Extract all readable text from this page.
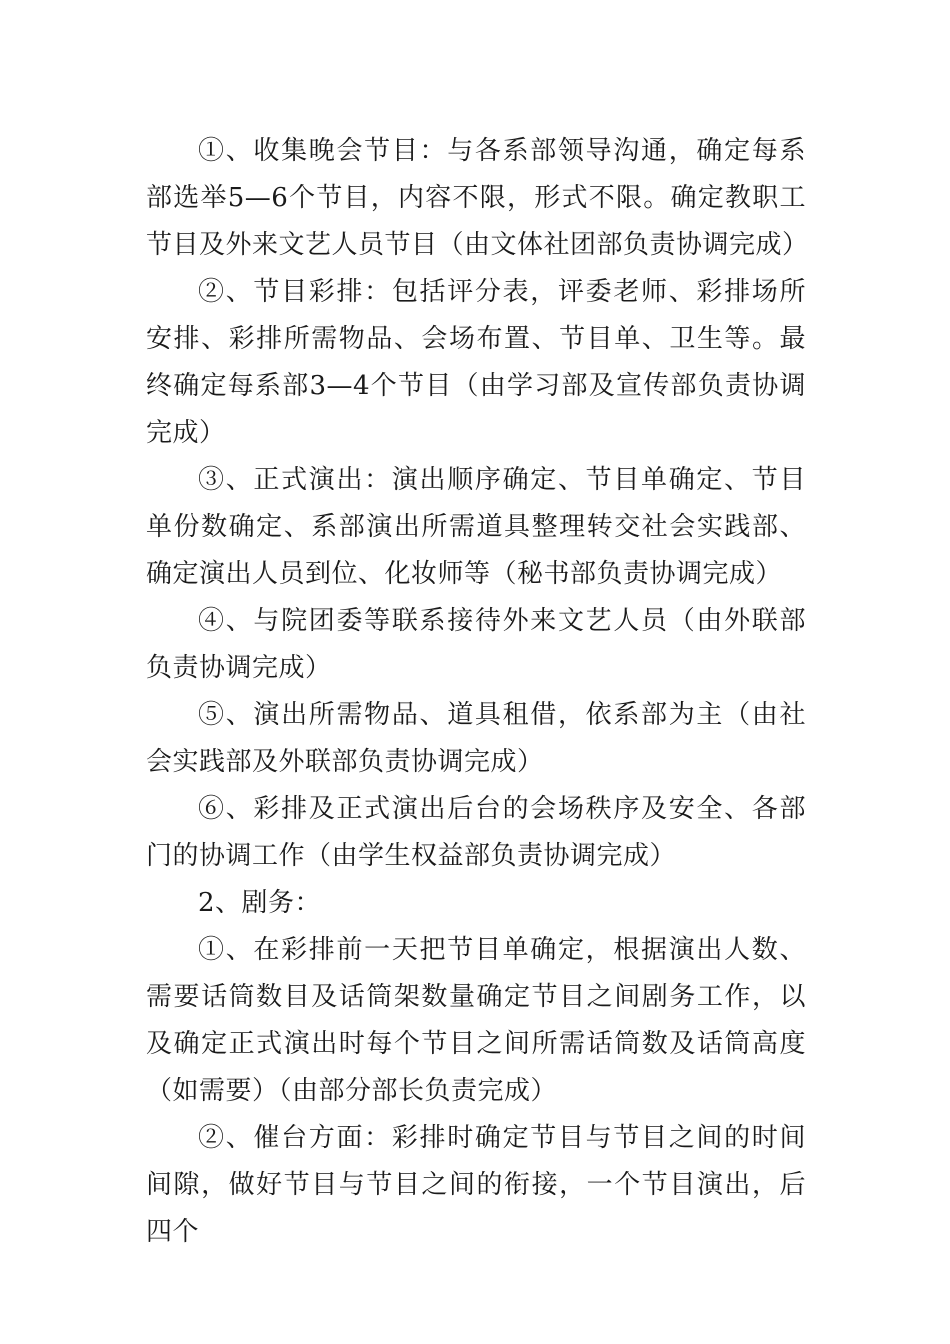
①、收集晚会节目：与各系部领导沟通，确定每系部选举5—6个节目，内容不限，形式不限。确定教职工节目及外来文艺人员节目（由文体社团部负责协调完成）

②、节目彩排：包括评分表，评委老师、彩排场所安排、彩排所需物品、会场布置、节目单、卫生等。最终确定每系部3—4个节目（由学习部及宣传部负责协调完成）

③、正式演出：演出顺序确定、节目单确定、节目单份数确定、系部演出所需道具整理转交社会实践部、确定演出人员到位、化妆师等（秘书部负责协调完成）

④、与院团委等联系接待外来文艺人员（由外联部负责协调完成）

⑤、演出所需物品、道具租借，依系部为主（由社会实践部及外联部负责协调完成）

⑥、彩排及正式演出后台的会场秩序及安全、各部门的协调工作（由学生权益部负责协调完成）

2、剧务：

①、在彩排前一天把节目单确定，根据演出人数、需要话筒数目及话筒架数量确定节目之间剧务工作，以及确定正式演出时每个节目之间所需话筒数及话筒高度（如需要）（由部分部长负责完成）

②、催台方面：彩排时确定节目与节目之间的时间间隙，做好节目与节目之间的衔接，一个节目演出，后四个
